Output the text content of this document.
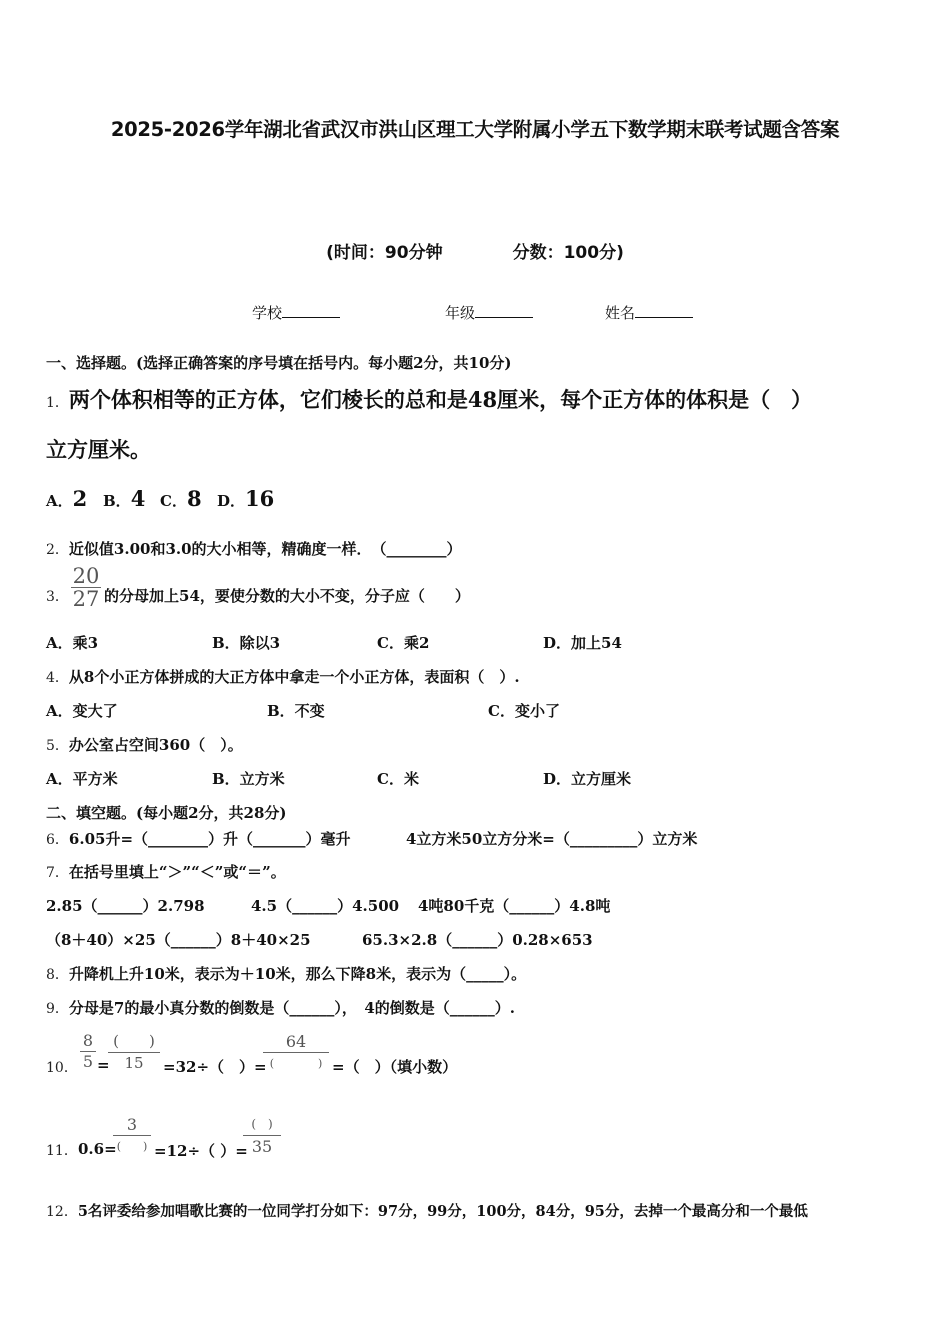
2025-2026学年湖北省武汉市洪山区理工大学附属小学五下数学期末联考试题含答案
(时间：90分钟	分数：100分)
学校	年级	姓名
一、选择题。(选择正确答案的序号填在括号内。每小题2分，共10分)
1．两个体积相等的正方体，它们棱长的总和是48厘米，每个正方体的体积是（　）
立方厘米。
A．2 B．4 C．8 D．16
2．近似值3.00和3.0的大小相等，精确度一样．　（________）
3．
20
27 的分母加上54，要使分数的大小不变，分子应（　　）
A．乘3	B．除以3	C．乘2	D．加上54
4．从8个小正方体拼成的大正方体中拿走一个小正方体，表面积（　）.
A．变大了	B．不变	C．变小了
5．办公室占空间360（　）。
A．平方米	B．立方米	C．米	D．立方厘米
二、填空题。(每小题2分，共28分)
6．6.05升=（________）升（_______）毫升	4立方米50立方分米=（_________）立方米
7．在括号里填上“＞”“＜”或“＝”。
2.85（______）2.798	4.5（______）4.500 4吨80千克（______）4.8吨
（8＋40）×25（______）8＋40×25	65.3×2.8（______）0.28×653
8．升降机上升10米，表示为＋10米，那么下降8米，表示为（_____）。
9．分母是7的最小真分数的倒数是（______），　4的倒数是（______）.
10．
8
5 =
(　　)
15	=32÷（　）=
64
(　　　　) =（　）（填小数）
11． 0.6=
3
(　　) =12÷（ ）=
(　)
35
12．5名评委给参加唱歌比赛的一位同学打分如下：97分，99分，100分，84分，95分，去掉一个最高分和一个最低
